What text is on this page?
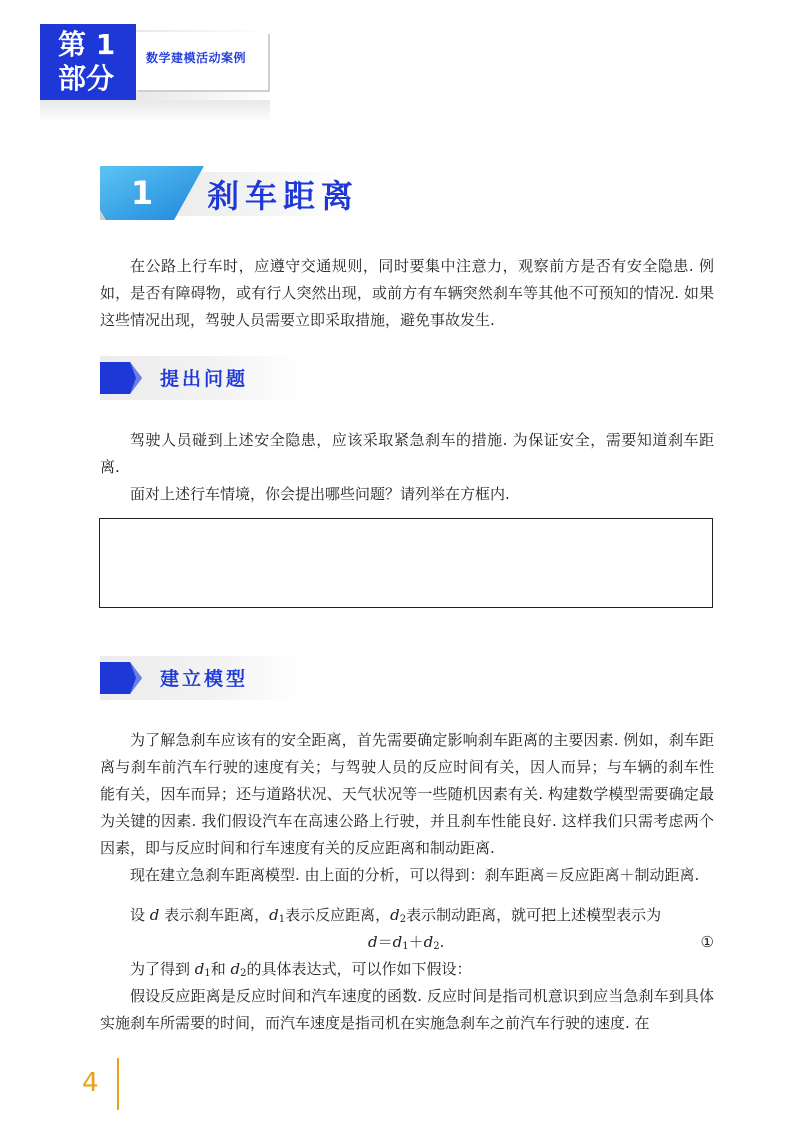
第 1
部分
数学建模活动案例
1 刹车距离

在公路上行车时，应遵守交通规则，同时要集中注意力，观察前方是否有安全隐患. 例如，是否有障碍物，或有行人突然出现，或前方有车辆突然刹车等其他不可预知的情况. 如果这些情况出现，驾驶人员需要立即采取措施，避免事故发生.

提出问题

驾驶人员碰到上述安全隐患，应该采取紧急刹车的措施. 为保证安全，需要知道刹车距离.

面对上述行车情境，你会提出哪些问题？请列举在方框内.

建立模型

为了解急刹车应该有的安全距离，首先需要确定影响刹车距离的主要因素. 例如，刹车距离与刹车前汽车行驶的速度有关；与驾驶人员的反应时间有关，因人而异；与车辆的刹车性能有关，因车而异；还与道路状况、天气状况等一些随机因素有关. 构建数学模型需要确定最为关键的因素. 我们假设汽车在高速公路上行驶，并且刹车性能良好. 这样我们只需考虑两个因素，即与反应时间和行车速度有关的反应距离和制动距离.

现在建立急刹车距离模型. 由上面的分析，可以得到：刹车距离＝反应距离＋制动距离.

设 d 表示刹车距离，$d_1$表示反应距离，$d_2$表示制动距离，就可把上述模型表示为

$d=d_1+d_2$.	①

为了得到 $d_1$和 $d_2$的具体表达式，可以作如下假设：

假设反应距离是反应时间和汽车速度的函数. 反应时间是指司机意识到应当急刹车到具体实施刹车所需要的时间，而汽车速度是指司机在实施急刹车之前汽车行驶的速度. 在

4
